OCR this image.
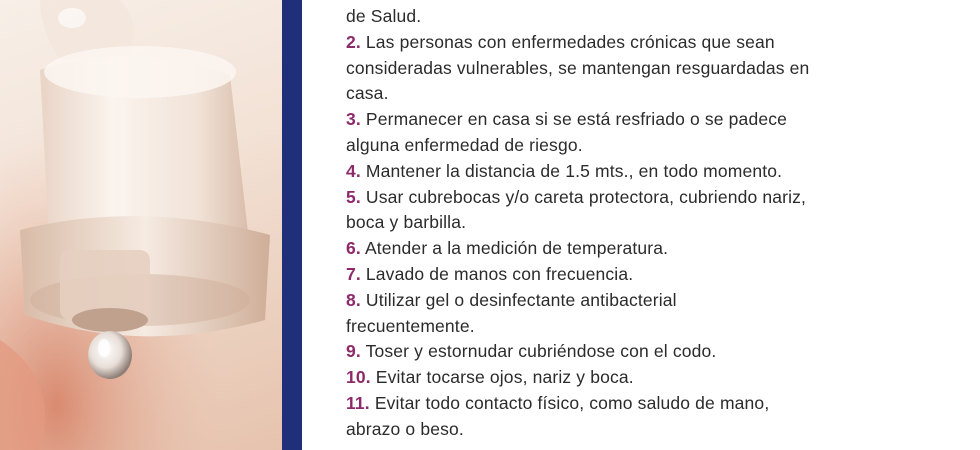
de Salud.
2. Las personas con enfermedades crónicas que sean
consideradas vulnerables, se mantengan resguardadas en
casa.
3. Permanecer en casa si se está resfriado o se padece
alguna enfermedad de riesgo.
4. Mantener la distancia de 1.5 mts., en todo momento.
5. Usar cubrebocas y/o careta protectora, cubriendo nariz,
boca y barbilla.
6. Atender a la medición de temperatura.
7. Lavado de manos con frecuencia.
8. Utilizar gel o desinfectante antibacterial
frecuentemente.
9. Toser y estornudar cubriéndose con el codo.
10. Evitar tocarse ojos, nariz y boca.
11. Evitar todo contacto físico, como saludo de mano,
abrazo o beso.
